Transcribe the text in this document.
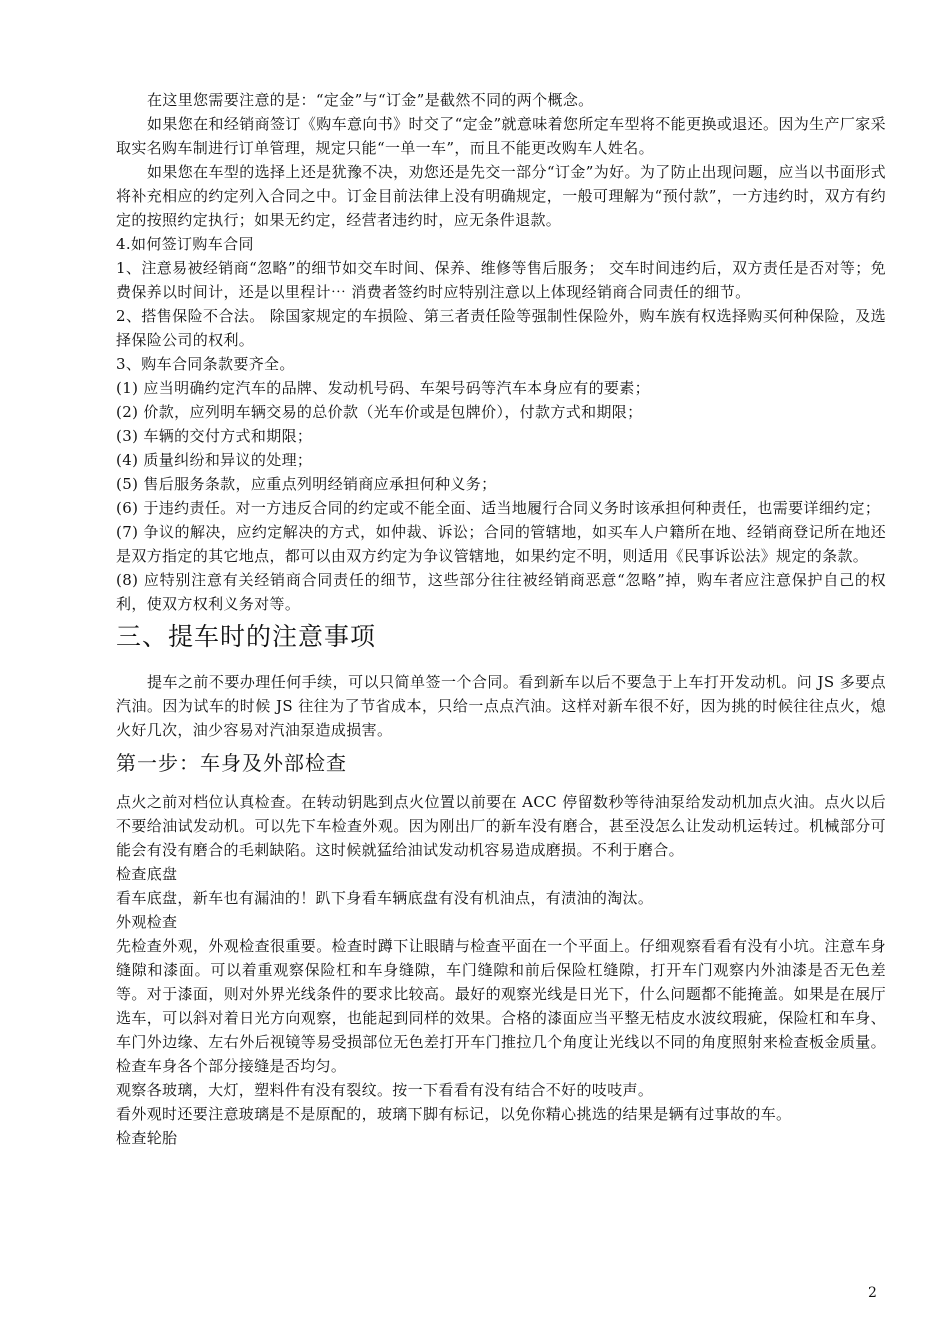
在这里您需要注意的是：“定金”与“订金”是截然不同的两个概念。

如果您在和经销商签订《购车意向书》时交了“定金”就意味着您所定车型将不能更换或退还。因为生产厂家采取实名购车制进行订单管理，规定只能“一单一车”，而且不能更改购车人姓名。

如果您在车型的选择上还是犹豫不决，劝您还是先交一部分“订金”为好。为了防止出现问题，应当以书面形式将补充相应的约定列入合同之中。订金目前法律上没有明确规定，一般可理解为“预付款”，一方违约时，双方有约定的按照约定执行；如果无约定，经营者违约时，应无条件退款。

4.如何签订购车合同

1、注意易被经销商“忽略”的细节如交车时间、保养、维修等售后服务； 交车时间违约后，双方责任是否对等；免费保养以时间计，还是以里程计⋯ 消费者签约时应特别注意以上体现经销商合同责任的细节。

2、搭售保险不合法。 除国家规定的车损险、第三者责任险等强制性保险外，购车族有权选择购买何种保险，及选择保险公司的权利。

3、购车合同条款要齐全。

(1) 应当明确约定汽车的品牌、发动机号码、车架号码等汽车本身应有的要素；

(2) 价款，应列明车辆交易的总价款（光车价或是包牌价），付款方式和期限；

(3) 车辆的交付方式和期限；

(4) 质量纠纷和异议的处理；

(5) 售后服务条款，应重点列明经销商应承担何种义务；

(6) 于违约责任。对一方违反合同的约定或不能全面、适当地履行合同义务时该承担何种责任，也需要详细约定；

(7) 争议的解决，应约定解决的方式，如仲裁、诉讼；合同的管辖地，如买车人户籍所在地、经销商登记所在地还是双方指定的其它地点，都可以由双方约定为争议管辖地，如果约定不明，则适用《民事诉讼法》规定的条款。

(8) 应特别注意有关经销商合同责任的细节，这些部分往往被经销商恶意“忽略”掉，购车者应注意保护自己的权利，使双方权利义务对等。

三、提车时的注意事项

提车之前不要办理任何手续，可以只简单签一个合同。看到新车以后不要急于上车打开发动机。问 JS 多要点汽油。因为试车的时候 JS 往往为了节省成本，只给一点点汽油。这样对新车很不好，因为挑的时候往往点火，熄火好几次，油少容易对汽油泵造成损害。

第一步：车身及外部检查

点火之前对档位认真检查。在转动钥匙到点火位置以前要在 ACC 停留数秒等待油泵给发动机加点火油。点火以后不要给油试发动机。可以先下车检查外观。因为刚出厂的新车没有磨合，甚至没怎么让发动机运转过。机械部分可能会有没有磨合的毛刺缺陷。这时候就猛给油试发动机容易造成磨损。不利于磨合。

检查底盘

看车底盘，新车也有漏油的！趴下身看车辆底盘有没有机油点，有渍油的淘汰。

外观检查

先检查外观，外观检查很重要。检查时蹲下让眼睛与检查平面在一个平面上。仔细观察看看有没有小坑。注意车身缝隙和漆面。可以着重观察保险杠和车身缝隙，车门缝隙和前后保险杠缝隙，打开车门观察内外油漆是否无色差等。对于漆面，则对外界光线条件的要求比较高。最好的观察光线是日光下，什么问题都不能掩盖。如果是在展厅选车，可以斜对着日光方向观察，也能起到同样的效果。合格的漆面应当平整无桔皮水波纹瑕疵，保险杠和车身、车门外边缘、左右外后视镜等易受损部位无色差打开车门推拉几个角度让光线以不同的角度照射来检查板金质量。检查车身各个部分接缝是否均匀。

观察各玻璃，大灯，塑料件有没有裂纹。按一下看看有没有结合不好的吱吱声。

看外观时还要注意玻璃是不是原配的，玻璃下脚有标记，以免你精心挑选的结果是辆有过事故的车。

检查轮胎

2
